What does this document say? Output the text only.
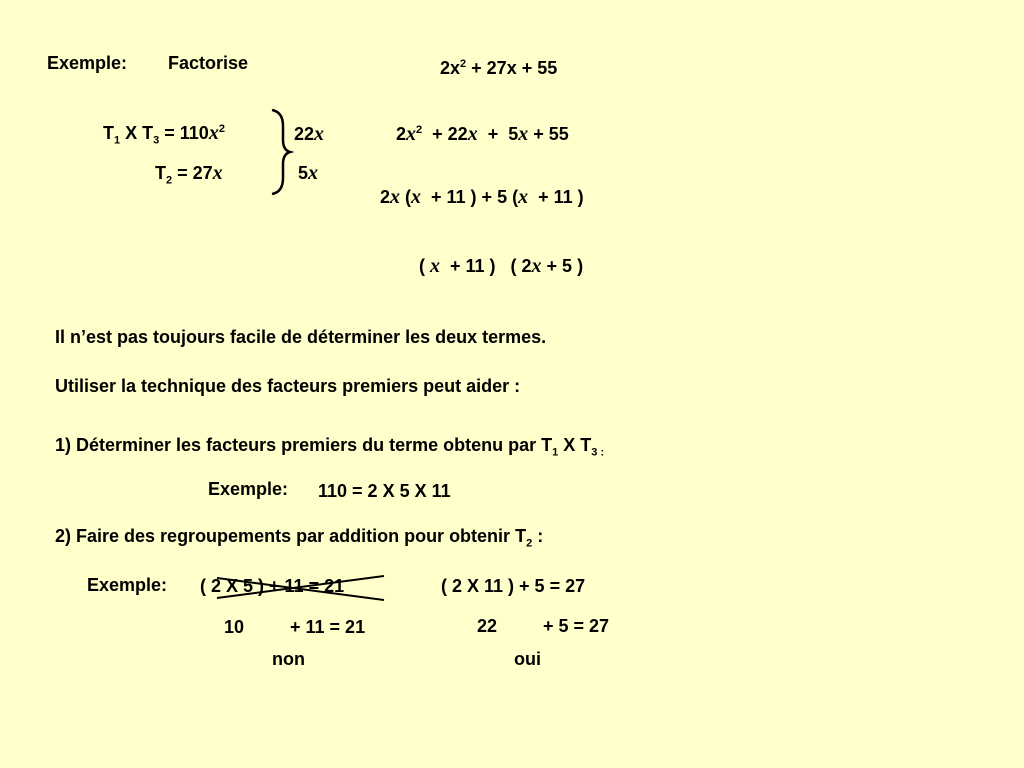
Exemple: Factorise	$2x^2 + 27x + 55$
$T_1$ X $T_3 = 110x^2$
$T_2 = 27x$
22x
5x
$2x^2 + 22x + 5x + 55$
2x (x  + 11 ) + 5 (x  + 11 )
( x  + 11 )   ( 2x + 5 )
Il n’est pas toujours facile de déterminer les deux termes.
Utiliser la technique des facteurs premiers peut aider :
1) Déterminer les facteurs premiers du terme obtenu par $T_1$ X $T_{3 :}$
Exemple: 110 = 2 X 5 X 11
2) Faire des regroupements par addition pour obtenir $T_2$ :
Exemple: ( 2 X 5 ) + 11 = 21	( 2 X 11 ) + 5 = 27
10	+ 11 = 21	22	+ 5 = 27
non	oui
